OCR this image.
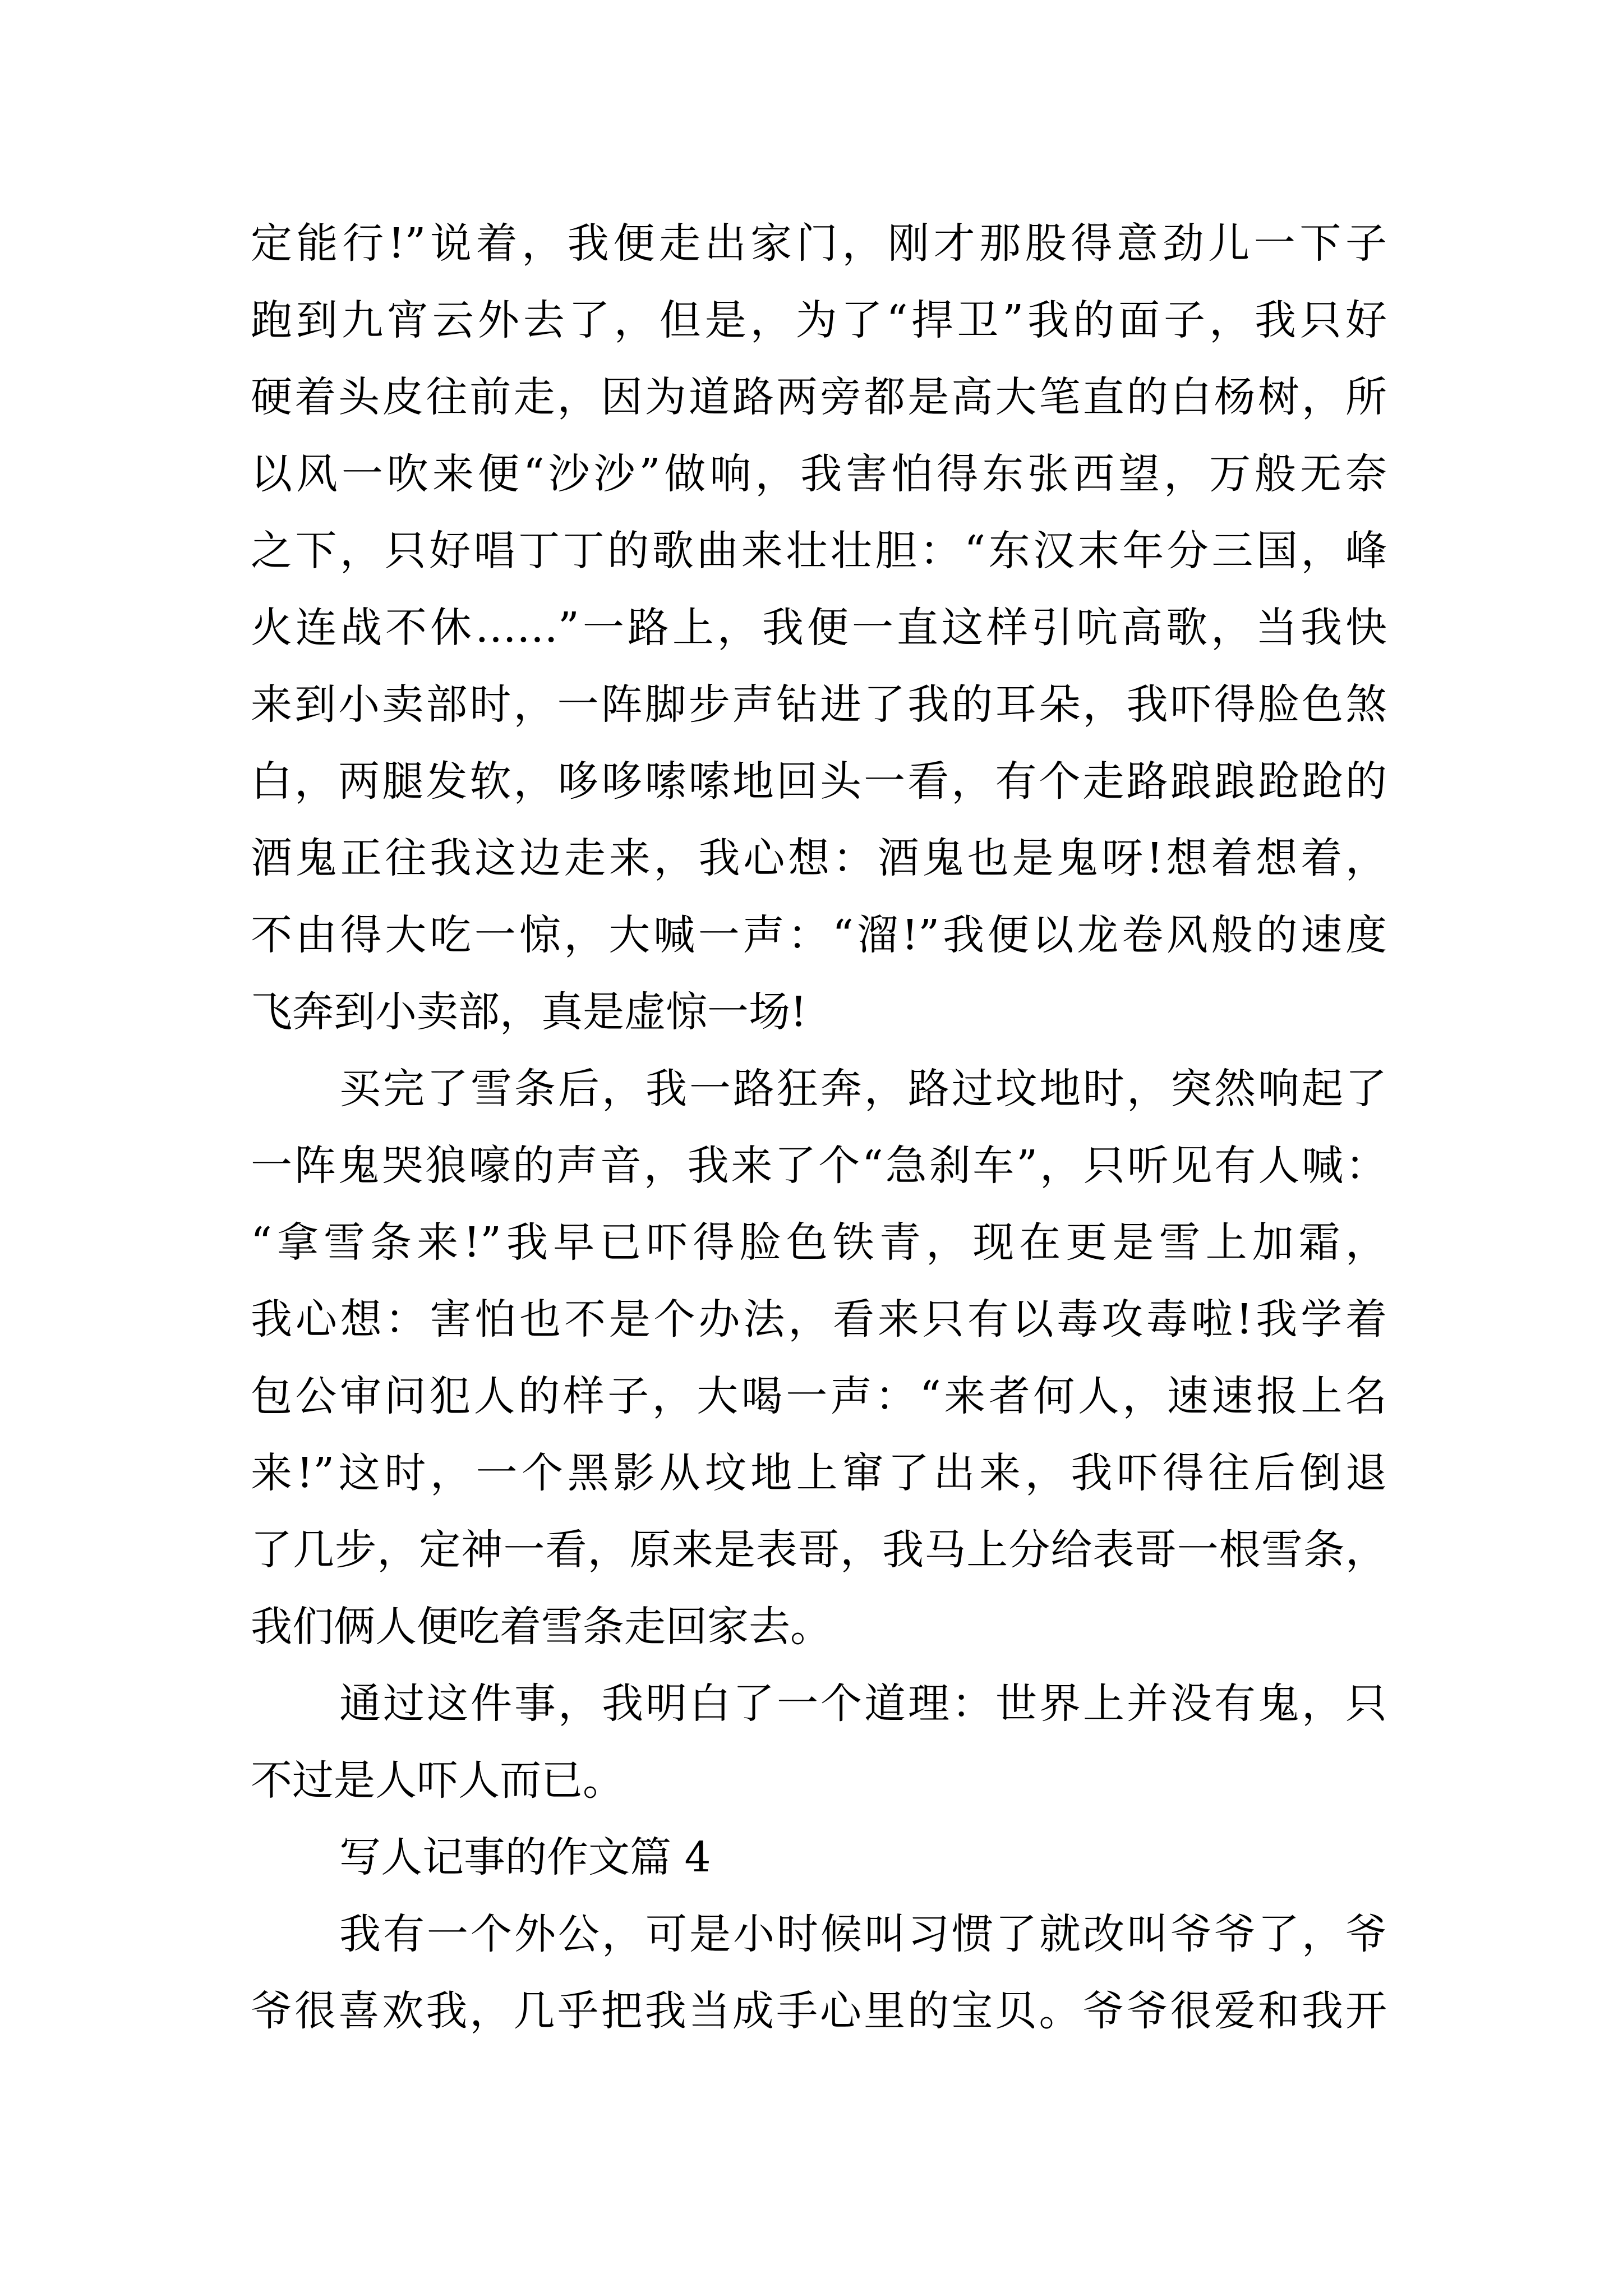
定能行!”说着，我便走出家门，刚才那股得意劲儿一下子
跑到九宵云外去了，但是，为了“捍卫”我的面子，我只好
硬着头皮往前走，因为道路两旁都是高大笔直的白杨树，所
以风一吹来便“沙沙”做响，我害怕得东张西望，万般无奈
之下，只好唱丁丁的歌曲来壮壮胆：“东汉末年分三国，峰
火连战不休……”一路上，我便一直这样引吭高歌，当我快
来到小卖部时，一阵脚步声钻进了我的耳朵，我吓得脸色煞
白，两腿发软，哆哆嗦嗦地回头一看，有个走路踉踉跄跄的
酒鬼正往我这边走来，我心想：酒鬼也是鬼呀!想着想着，
不由得大吃一惊，大喊一声：“溜!”我便以龙卷风般的速度
飞奔到小卖部，真是虚惊一场!
买完了雪条后，我一路狂奔，路过坟地时，突然响起了
一阵鬼哭狼嚎的声音，我来了个“急刹车”，只听见有人喊：
“拿雪条来!”我早已吓得脸色铁青，现在更是雪上加霜，
我心想：害怕也不是个办法，看来只有以毒攻毒啦!我学着
包公审问犯人的样子，大喝一声：“来者何人，速速报上名
来!”这时，一个黑影从坟地上窜了出来，我吓得往后倒退
了几步，定神一看，原来是表哥，我马上分给表哥一根雪条，
我们俩人便吃着雪条走回家去。
通过这件事，我明白了一个道理：世界上并没有鬼，只
不过是人吓人而已。
写人记事的作文篇 4
我有一个外公，可是小时候叫习惯了就改叫爷爷了，爷
爷很喜欢我，几乎把我当成手心里的宝贝。爷爷很爱和我开
